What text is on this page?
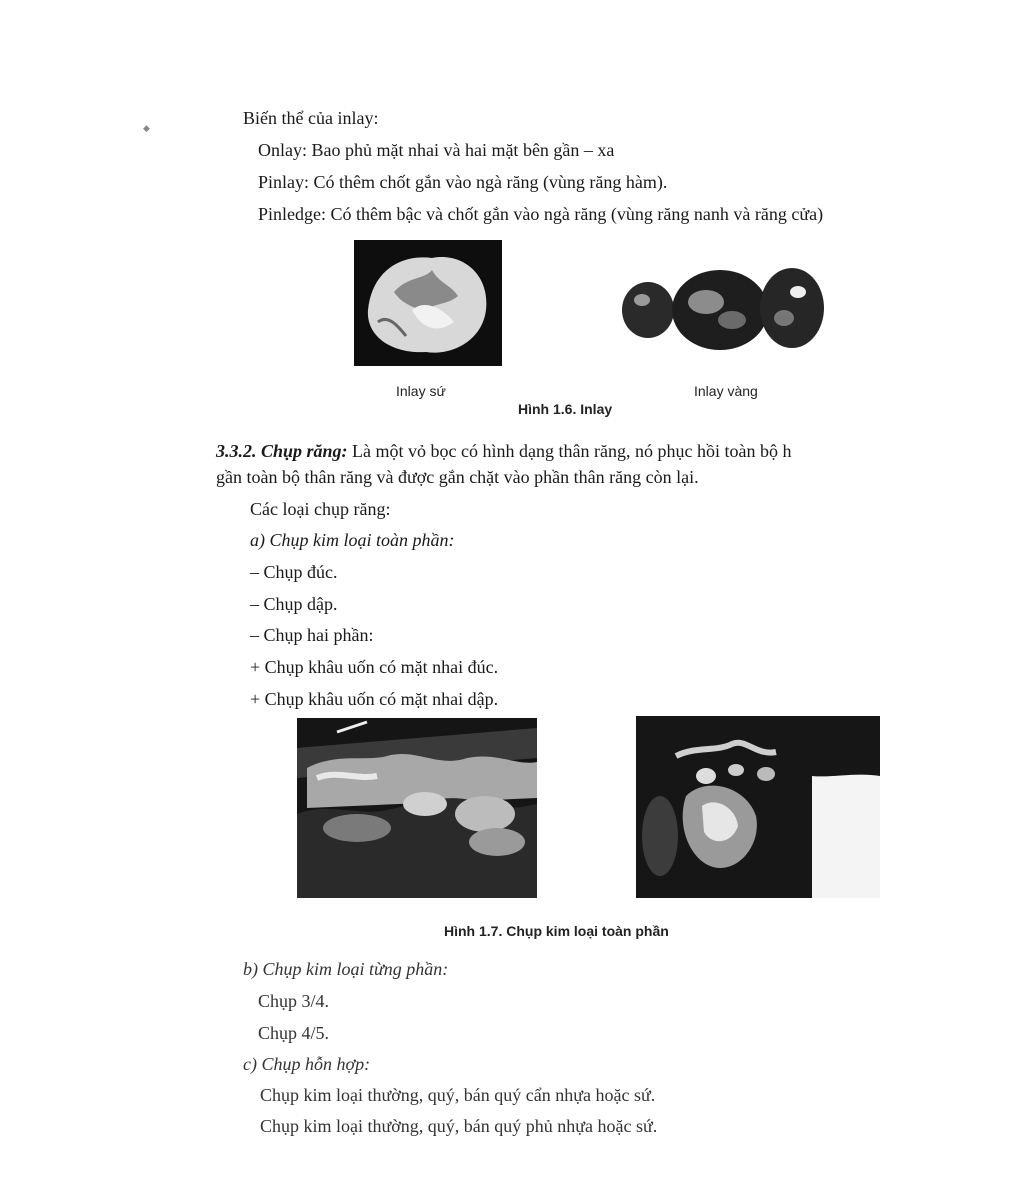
◆	Biến thể của inlay:
Onlay: Bao phủ mặt nhai và hai mặt bên gần – xa
Pinlay: Có thêm chốt gắn vào ngà răng (vùng răng hàm).
Pinledge: Có thêm bậc và chốt gắn vào ngà răng (vùng răng nanh và răng cửa)
Inlay sứ	Inlay vàng
Hình 1.6. Inlay
3.3.2. Chụp răng: Là một vỏ bọc có hình dạng thân răng, nó phục hồi toàn bộ h
gần toàn bộ thân răng và được gắn chặt vào phần thân răng còn lại.
Các loại chụp răng:
a) Chụp kim loại toàn phần:
– Chụp đúc.
– Chụp dập.
– Chụp hai phần:
+ Chụp khâu uốn có mặt nhai đúc.
+ Chụp khâu uốn có mặt nhai dập.
Hình 1.7. Chụp kim loại toàn phần
b) Chụp kim loại từng phần:
Chụp 3/4.
Chụp 4/5.
c) Chụp hỗn hợp:
Chụp kim loại thường, quý, bán quý cẩn nhựa hoặc sứ.
Chụp kim loại thường, quý, bán quý phủ nhựa hoặc sứ.
